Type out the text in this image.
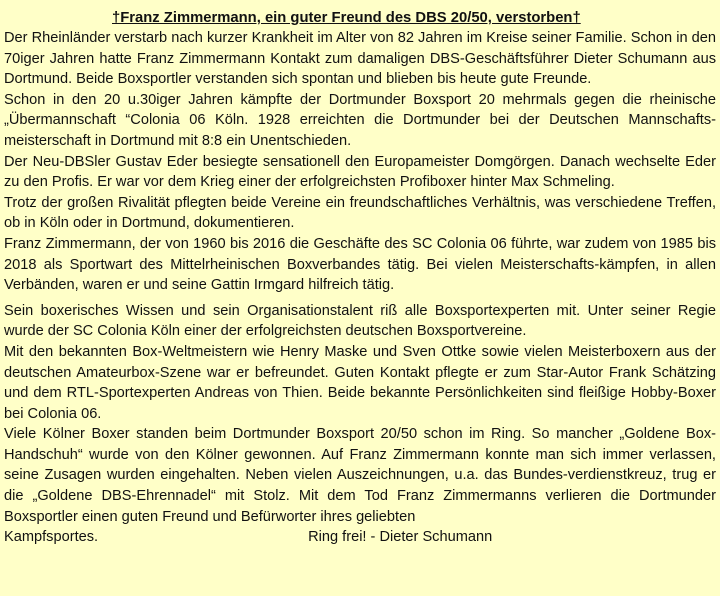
†Franz Zimmermann, ein guter Freund des DBS 20/50, verstorben†

Der Rheinländer verstarb nach kurzer Krankheit im Alter von 82 Jahren im Kreise seiner Familie. Schon in den 70iger Jahren hatte Franz Zimmermann Kontakt zum damaligen DBS-Geschäftsführer Dieter Schumann aus Dortmund. Beide Boxsportler verstanden sich spontan und blieben bis heute gute Freunde.

Schon in den 20 u.30iger Jahren kämpfte der Dortmunder Boxsport 20 mehrmals gegen die rheinische „Übermannschaft “Colonia 06 Köln. 1928 erreichten die Dortmunder bei der Deutschen Mannschafts-meisterschaft in Dortmund mit 8:8 ein Unentschieden.

Der Neu-DBSler Gustav Eder besiegte sensationell den Europameister Domgörgen. Danach wechselte Eder zu den Profis. Er war vor dem Krieg einer der erfolgreichsten Profiboxer hinter Max Schmeling.

Trotz der großen Rivalität pflegten beide Vereine ein freundschaftliches Verhältnis, was verschiedene Treffen, ob in Köln oder in Dortmund, dokumentieren.

Franz Zimmermann, der von 1960 bis 2016 die Geschäfte des SC Colonia 06 führte, war zudem von 1985 bis 2018 als Sportwart des Mittelrheinischen Boxverbandes tätig. Bei vielen Meisterschafts-kämpfen, in allen Verbänden, waren er und seine Gattin Irmgard hilfreich tätig.

Sein boxerisches Wissen und sein Organisationstalent riß alle Boxsportexperten mit. Unter seiner Regie wurde der SC Colonia Köln einer der erfolgreichsten deutschen Boxsportvereine.

Mit den bekannten Box-Weltmeistern wie Henry Maske und Sven Ottke sowie vielen Meisterboxern aus der deutschen Amateurbox-Szene war er befreundet. Guten Kontakt pflegte er zum Star-Autor Frank Schätzing und dem RTL-Sportexperten Andreas von Thien. Beide bekannte Persönlichkeiten sind fleißige Hobby-Boxer bei Colonia 06.

Viele Kölner Boxer standen beim Dortmunder Boxsport 20/50 schon im Ring. So mancher „Goldene Box-Handschuh“ wurde von den Kölner gewonnen. Auf Franz Zimmermann konnte man sich immer verlassen, seine Zusagen wurden eingehalten. Neben vielen Auszeichnungen, u.a. das Bundes-verdienstkreuz, trug er die „Goldene DBS-Ehrennadel“ mit Stolz. Mit dem Tod Franz Zimmermanns verlieren die Dortmunder Boxsportler einen guten Freund und Befürworter ihres geliebten

Kampfsportes.	Ring frei! - Dieter Schumann
